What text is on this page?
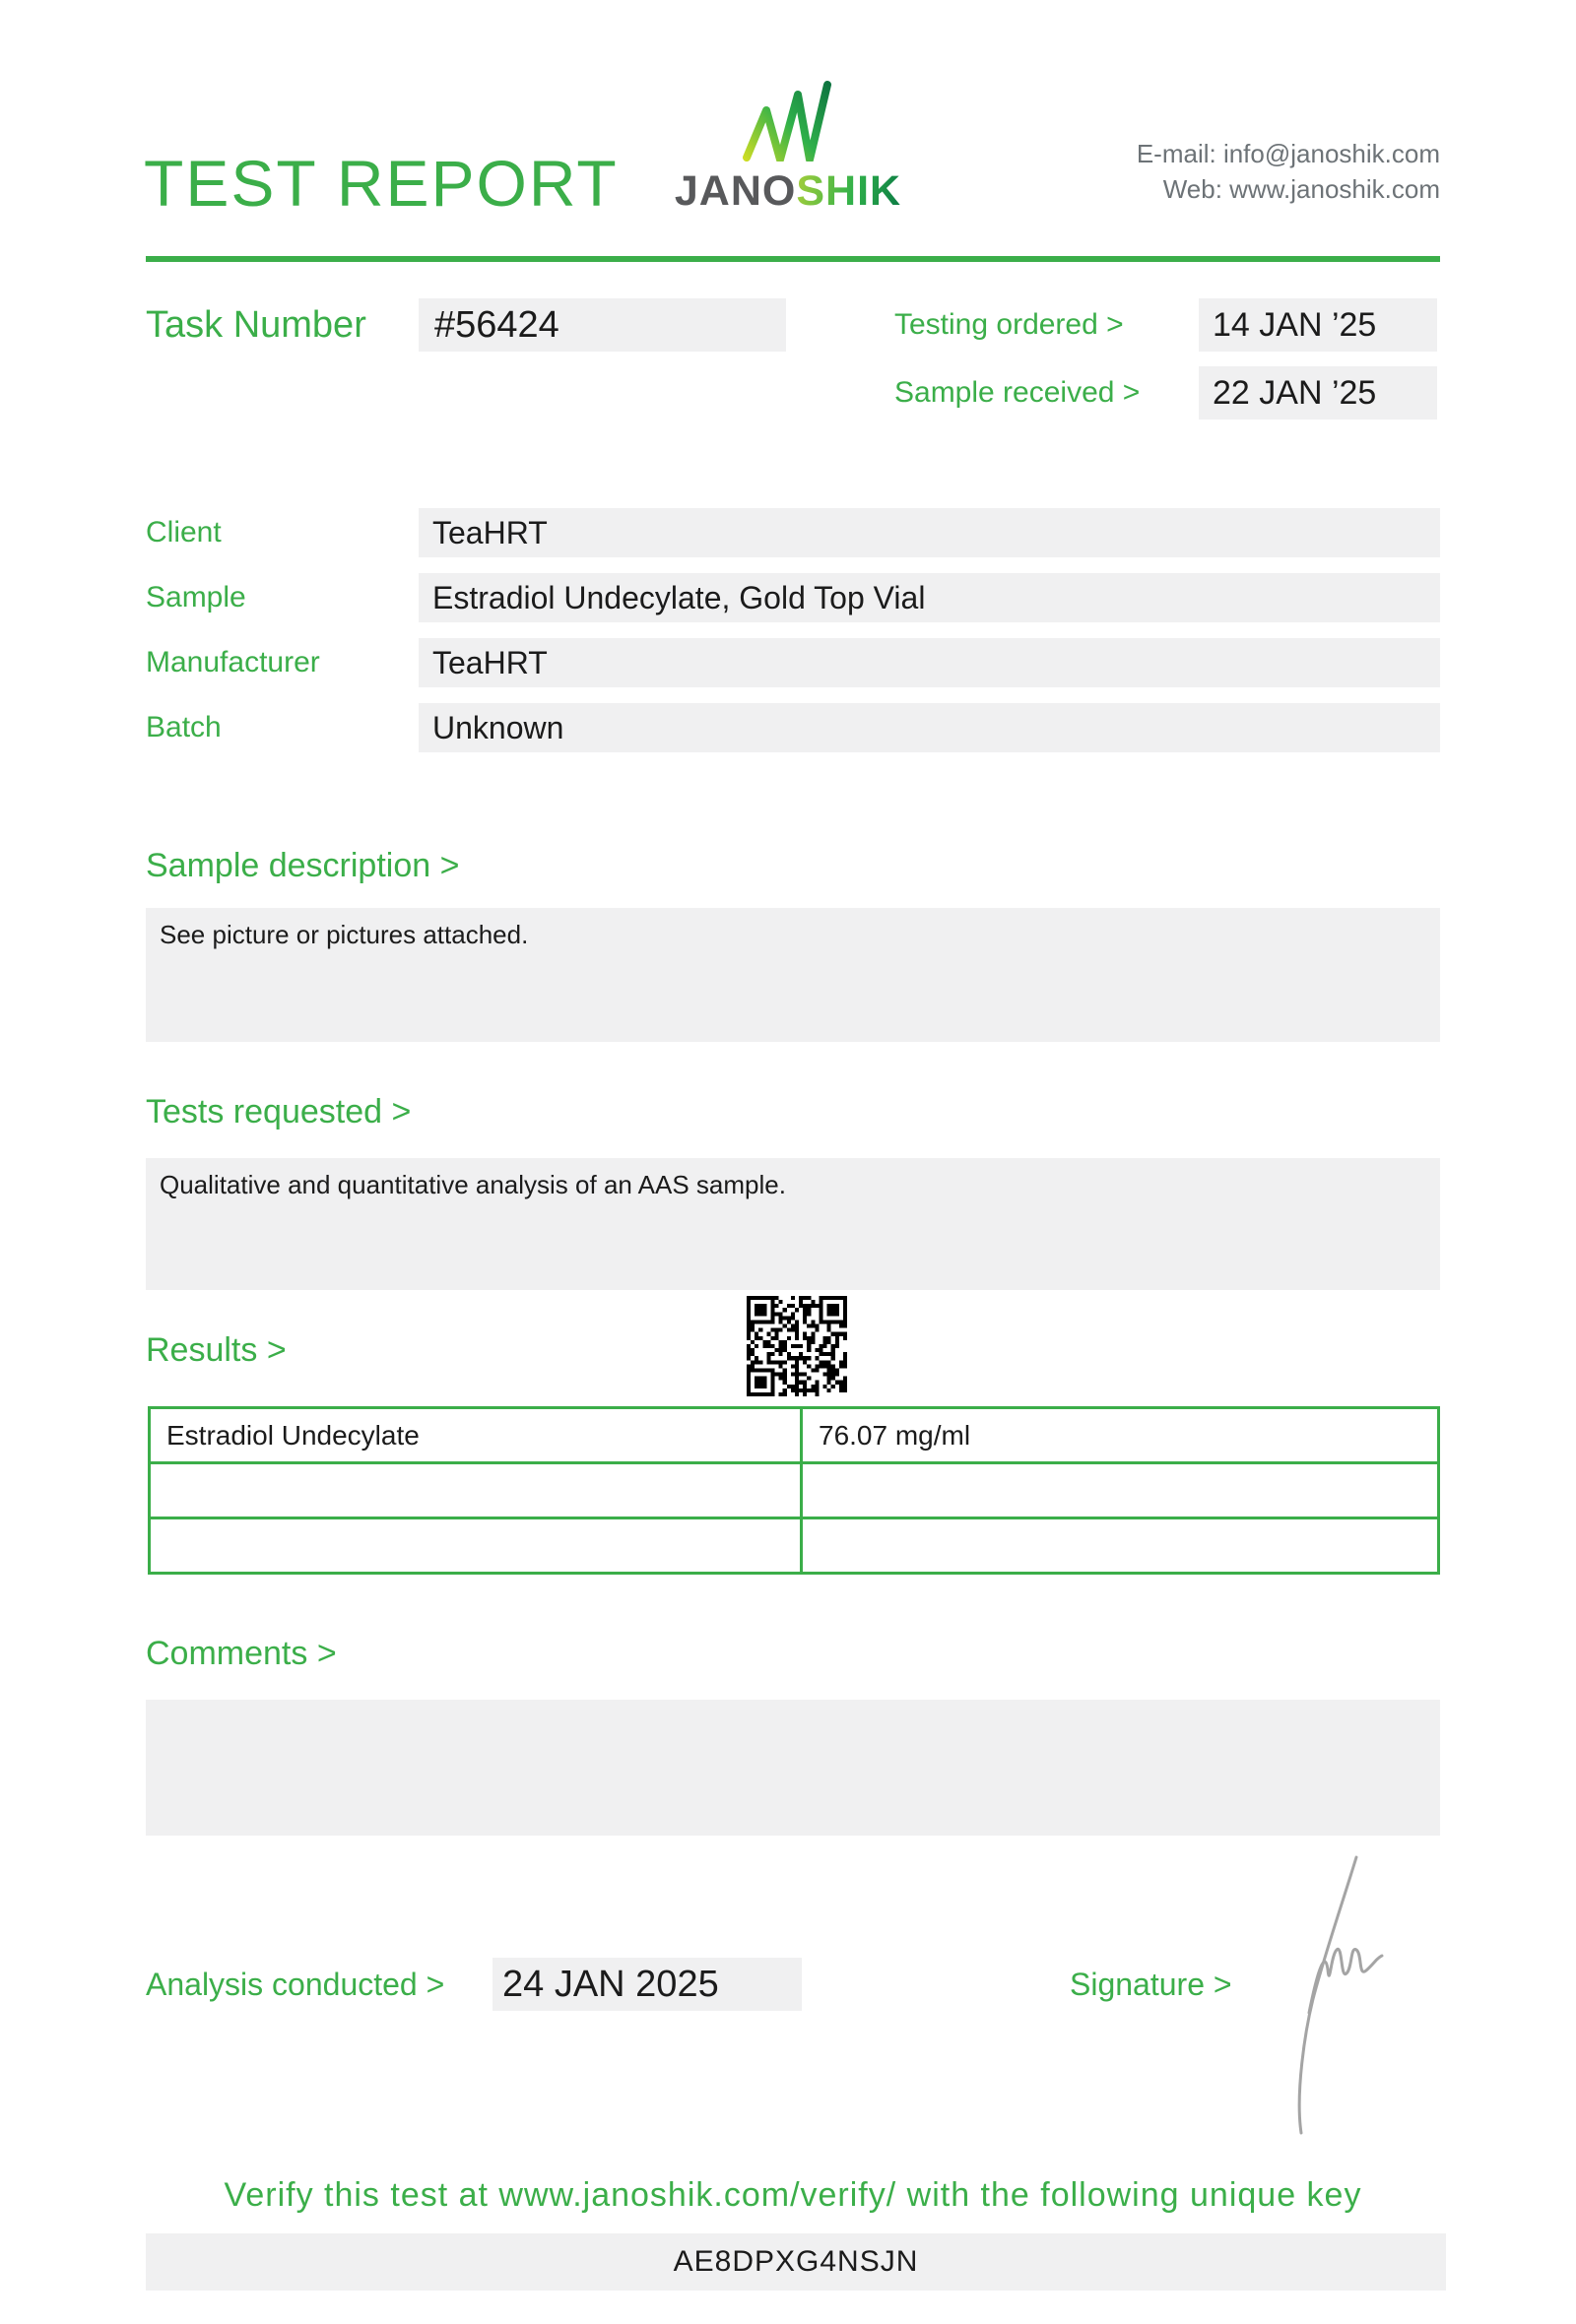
TEST REPORT	JANOSHIK
E-mail: info@janoshik.com
Web: www.janoshik.com
Task Number	#56424	Testing ordered >	14 JAN ’25
Sample received >	22 JAN ’25
Client	TeaHRT
Sample	Estradiol Undecylate, Gold Top Vial
Manufacturer	TeaHRT
Batch	Unknown
Sample description >
See picture or pictures attached.
Tests requested >
Qualitative and quantitative analysis of an AAS sample.
Results >
Estradiol Undecylate	76.07 mg/ml
Comments >
Analysis conducted > 24 JAN 2025	Signature >
Verify this test at www.janoshik.com/verify/ with the following unique key
AE8DPXG4NSJN
